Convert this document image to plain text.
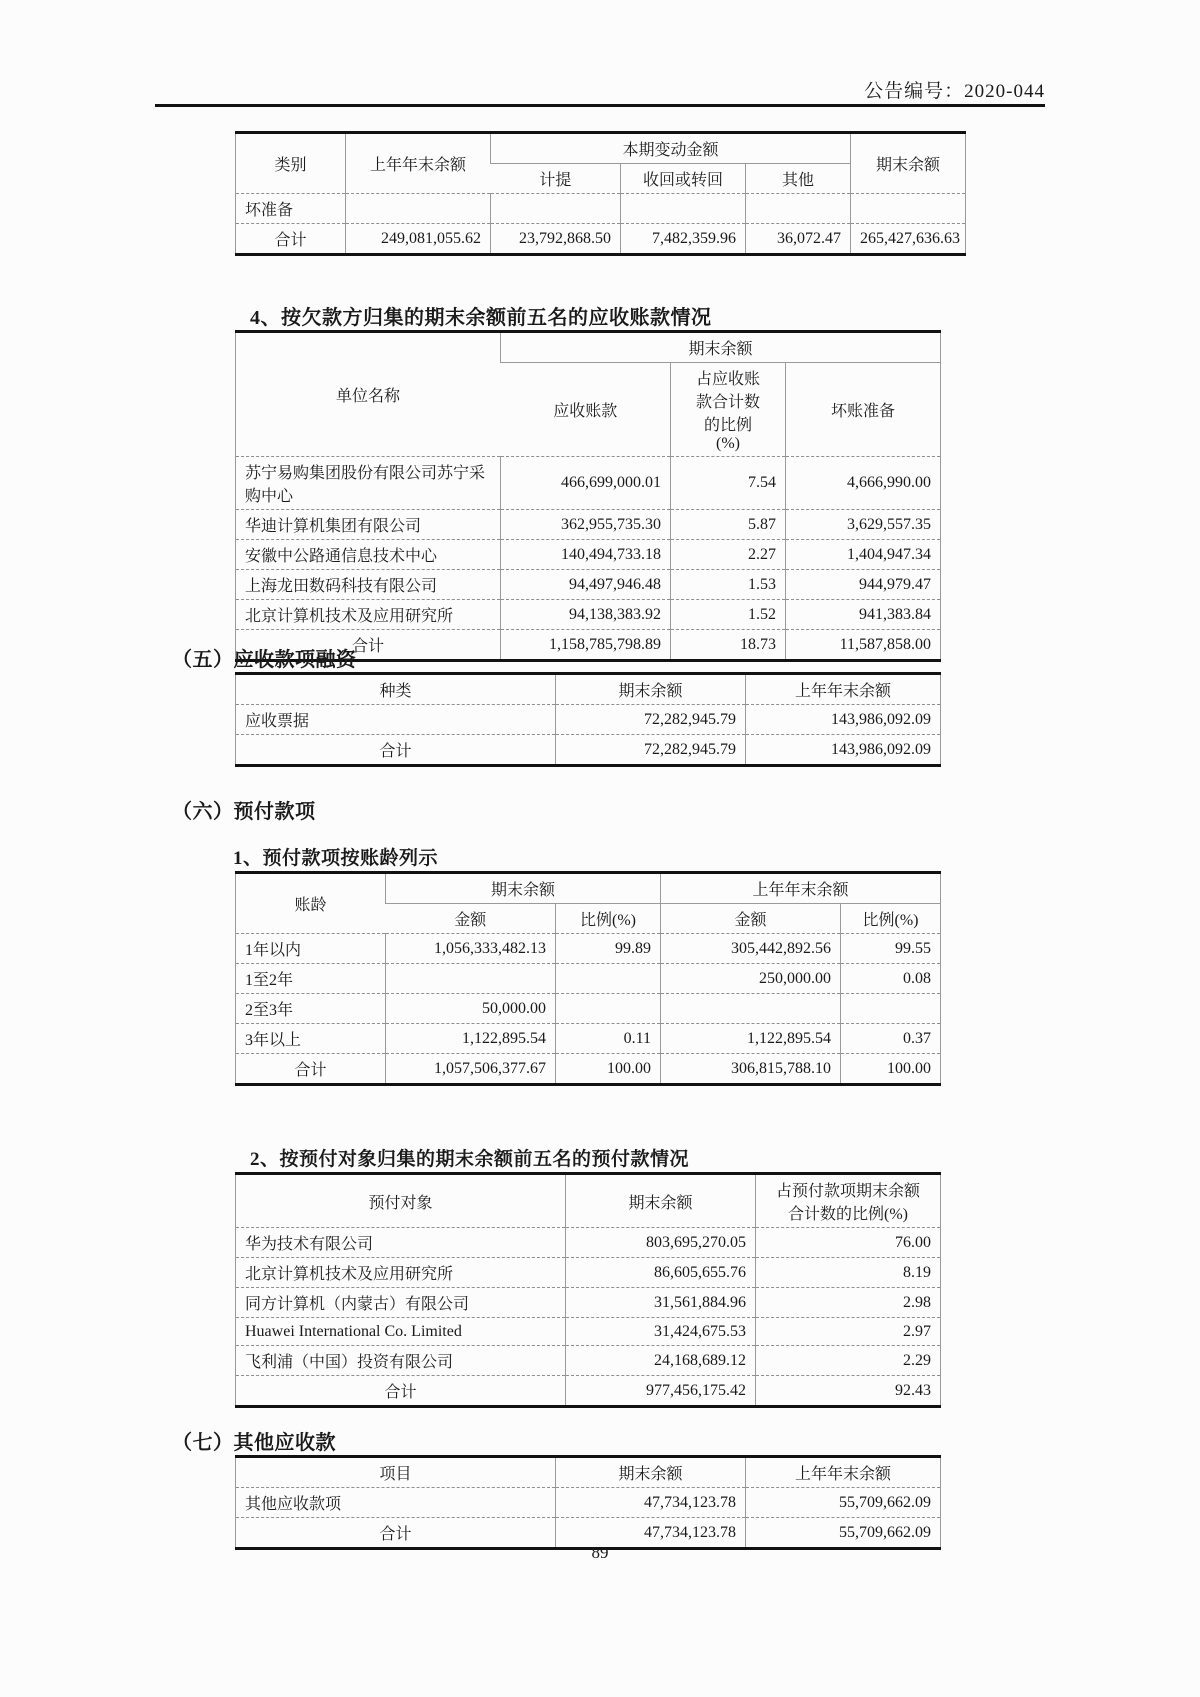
公告编号：2020-044
类别	上年年末余额	本期变动金额			期末余额
		计提	收回或转回	其他	
坏准备					
合计	249,081,055.62	23,792,868.50	7,482,359.96	36,072.47	265,427,636.63
4、按欠款方归集的期末余额前五名的应收账款情况
单位名称	期末余额		
	应收账款	占应收账款合计数的比例(%)	坏账准备
苏宁易购集团股份有限公司苏宁采购中心	466,699,000.01	7.54	4,666,990.00
华迪计算机集团有限公司	362,955,735.30	5.87	3,629,557.35
安徽中公路通信息技术中心	140,494,733.18	2.27	1,404,947.34
上海龙田数码科技有限公司	94,497,946.48	1.53	944,979.47
北京计算机技术及应用研究所	94,138,383.92	1.52	941,383.84
合计	1,158,785,798.89	18.73	11,587,858.00
（五）应收款项融资
种类	期末余额	上年年末余额
应收票据	72,282,945.79	143,986,092.09
合计	72,282,945.79	143,986,092.09
（六）预付款项
1、预付款项按账龄列示
账龄	期末余额		上年年末余额	
	金额	比例(%)	金额	比例(%)
1年以内	1,056,333,482.13	99.89	305,442,892.56	99.55
1至2年			250,000.00	0.08
2至3年	50,000.00			
3年以上	1,122,895.54	0.11	1,122,895.54	0.37
合计	1,057,506,377.67	100.00	306,815,788.10	100.00
2、按预付对象归集的期末余额前五名的预付款情况
预付对象	期末余额	占预付款项期末余额合计数的比例(%)

华为技术有限公司	803,695,270.05	76.00
北京计算机技术及应用研究所	86,605,655.76	8.19
同方计算机（内蒙古）有限公司	31,561,884.96	2.98
Huawei International Co. Limited	31,424,675.53	2.97
飞利浦（中国）投资有限公司	24,168,689.12	2.29
合计	977,456,175.42	92.43
（七）其他应收款
项目	期末余额	上年年末余额
其他应收款项	47,734,123.78	55,709,662.09
合计	47,734,123.78	55,709,662.09
89
